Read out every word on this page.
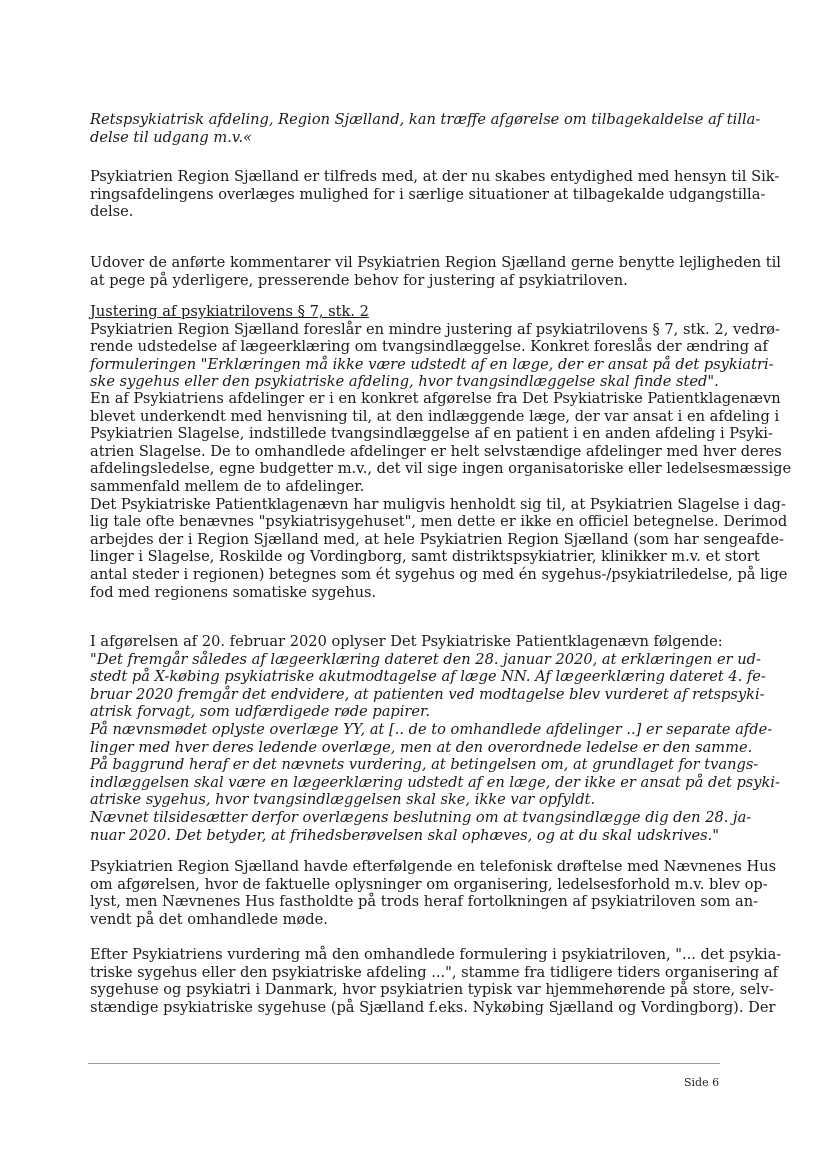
Retspsykiatrisk afdeling, Region Sjælland, kan træffe afgørelse om tilbagekaldelse af tilla-
delse til udgang m.v.«

Psykiatrien Region Sjælland er tilfreds med, at der nu skabes entydighed med hensyn til Sik-
ringsafdelingens overlæges mulighed for i særlige situationer at tilbagekalde udgangstilla-
delse.

Udover de anførte kommentarer vil Psykiatrien Region Sjælland gerne benytte lejligheden til
at pege på yderligere, presserende behov for justering af psykiatriloven.

Justering af psykiatrilovens § 7, stk. 2
Psykiatrien Region Sjælland foreslår en mindre justering af psykiatrilovens § 7, stk. 2, vedrø-
rende udstedelse af lægeerklæring om tvangsindlæggelse. Konkret foreslås der ændring af
formuleringen "Erklæringen må ikke være udstedt af en læge, der er ansat på det psykiatri-
ske sygehus eller den psykiatriske afdeling, hvor tvangsindlæggelse skal finde sted".

En af Psykiatriens afdelinger er i en konkret afgørelse fra Det Psykiatriske Patientklagenævn
blevet underkendt med henvisning til, at den indlæggende læge, der var ansat i en afdeling i
Psykiatrien Slagelse, indstillede tvangsindlæggelse af en patient i en anden afdeling i Psyki-
atrien Slagelse. De to omhandlede afdelinger er helt selvstændige afdelinger med hver deres
afdelingsledelse, egne budgetter m.v., det vil sige ingen organisatoriske eller ledelsesmæssige
sammenfald mellem de to afdelinger.
Det Psykiatriske Patientklagenævn har muligvis henholdt sig til, at Psykiatrien Slagelse i dag-
lig tale ofte benævnes "psykiatrisygehuset", men dette er ikke en officiel betegnelse. Derimod
arbejdes der i Region Sjælland med, at hele Psykiatrien Region Sjælland (som har sengeafde-
linger i Slagelse, Roskilde og Vordingborg, samt distriktspsykiatrier, klinikker m.v. et stort
antal steder i regionen) betegnes som ét sygehus og med én sygehus-/psykiatriledelse, på lige
fod med regionens somatiske sygehus.

I afgørelsen af 20. februar 2020 oplyser Det Psykiatriske Patientklagenævn følgende:
"Det fremgår således af lægeerklæring dateret den 28. januar 2020, at erklæringen er ud-
stedt på X-købing psykiatriske akutmodtagelse af læge NN. Af lægeerklæring dateret 4. fe-
bruar 2020 fremgår det endvidere, at patienten ved modtagelse blev vurderet af retspsyki-
atrisk forvagt, som udfærdigede røde papirer.
På nævnsmødet oplyste overlæge YY, at [.. de to omhandlede afdelinger ..] er separate afde-
linger med hver deres ledende overlæge, men at den overordnede ledelse er den samme.
På baggrund heraf er det nævnets vurdering, at betingelsen om, at grundlaget for tvangs-
indlæggelsen skal være en lægeerklæring udstedt af en læge, der ikke er ansat på det psyki-
atriske sygehus, hvor tvangsindlæggelsen skal ske, ikke var opfyldt.
Nævnet tilsidesætter derfor overlægens beslutning om at tvangsindlægge dig den 28. ja-
nuar 2020. Det betyder, at frihedsberøvelsen skal ophæves, og at du skal udskrives."

Psykiatrien Region Sjælland havde efterfølgende en telefonisk drøftelse med Nævnenes Hus
om afgørelsen, hvor de faktuelle oplysninger om organisering, ledelsesforhold m.v. blev op-
lyst, men Nævnenes Hus fastholdte på trods heraf fortolkningen af psykiatriloven som an-
vendt på det omhandlede møde.

Efter Psykiatriens vurdering må den omhandlede formulering i psykiatriloven, "... det psykia-
triske sygehus eller den psykiatriske afdeling ...", stamme fra tidligere tiders organisering af
sygehuse og psykiatri i Danmark, hvor psykiatrien typisk var hjemmehørende på store, selv-
stændige psykiatriske sygehuse (på Sjælland f.eks. Nykøbing Sjælland og Vordingborg). Der

Side 6
